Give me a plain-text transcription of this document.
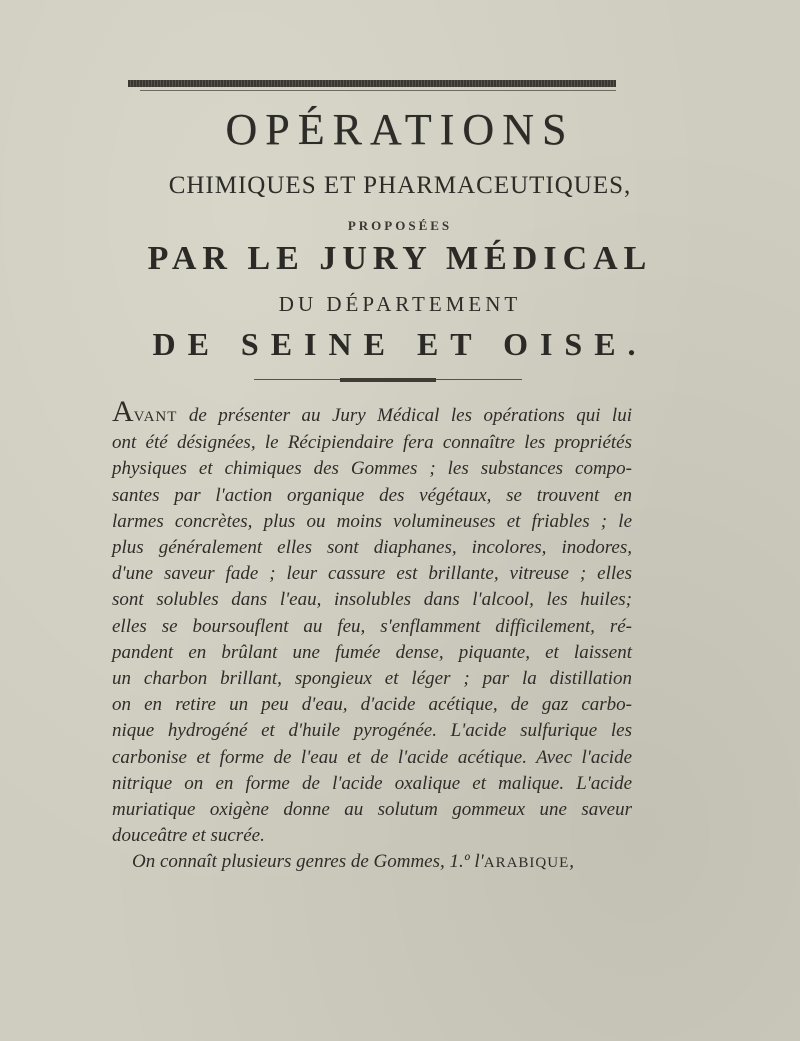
OPÉRATIONS
CHIMIQUES ET PHARMACEUTIQUES,
PROPOSÉES
PAR LE JURY MÉDICAL
DU DÉPARTEMENT
DE SEINE ET OISE.
AVANT de présenter au Jury Médical les opérations qui lui
ont été désignées, le Récipiendaire fera connaître les propriétés
physiques et chimiques des Gommes ; les substances compo-
santes par l'action organique des végétaux, se trouvent en
larmes concrètes, plus ou moins volumineuses et friables ; le
plus généralement elles sont diaphanes, incolores, inodores,
d'une saveur fade ; leur cassure est brillante, vitreuse ; elles
sont solubles dans l'eau, insolubles dans l'alcool, les huiles;
elles se boursouflent au feu, s'enflamment difficilement, ré-
pandent en brûlant une fumée dense, piquante, et laissent
un charbon brillant, spongieux et léger ; par la distillation
on en retire un peu d'eau, d'acide acétique, de gaz carbo-
nique hydrogéné et d'huile pyrogénée. L'acide sulfurique les
carbonise et forme de l'eau et de l'acide acétique. Avec l'acide
nitrique on en forme de l'acide oxalique et malique. L'acide
muriatique oxigène donne au solutum gommeux une saveur
douceâtre et sucrée.
On connaît plusieurs genres de Gommes, 1.º l'ARABIQUE,
